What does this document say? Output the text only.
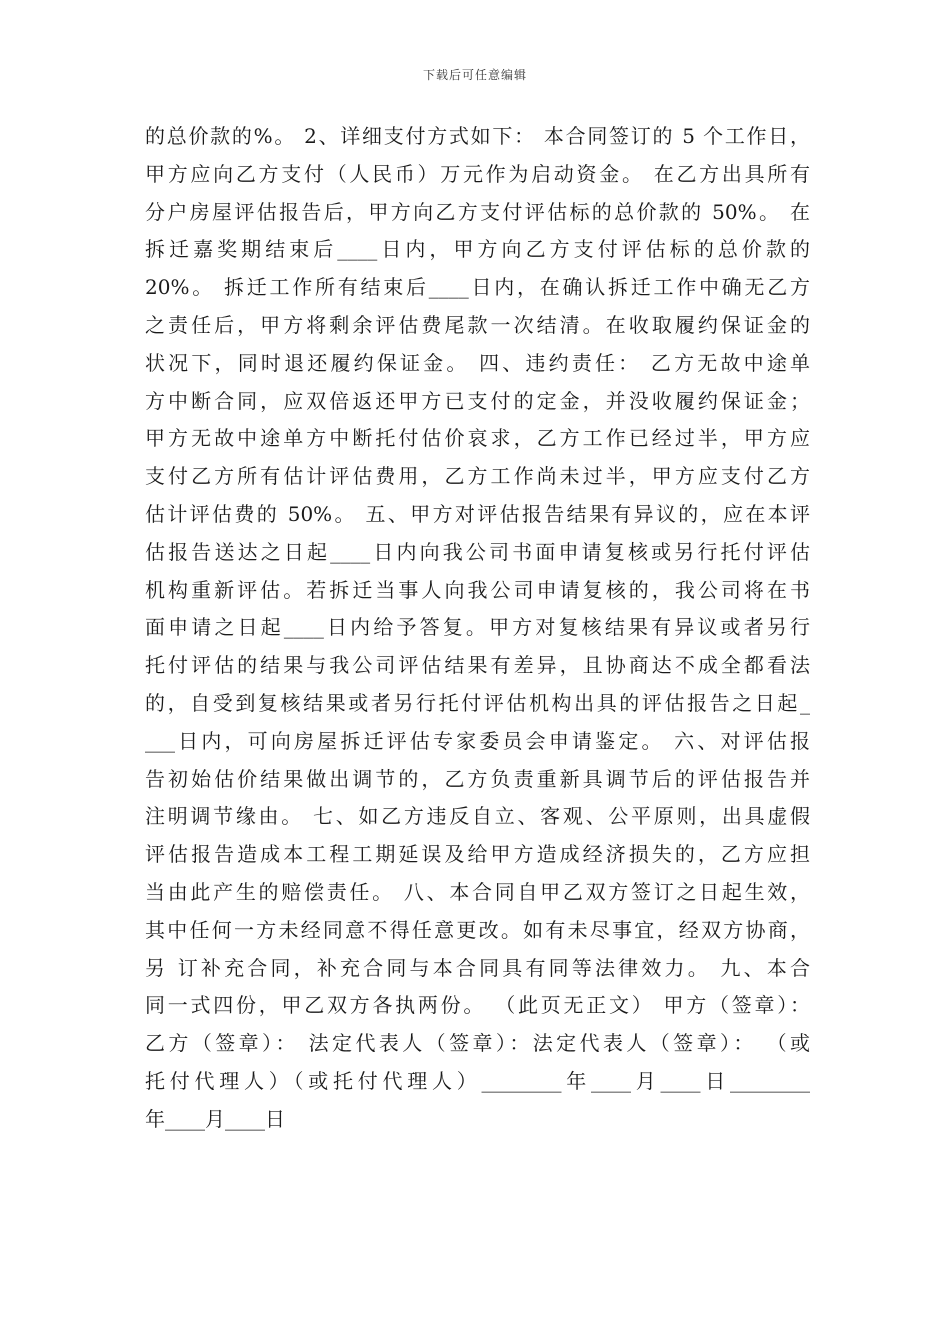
下载后可任意编辑
的总价款的%。 2、详细支付方式如下： 本合同签订的 5 个工作日，
甲方应向乙方支付（人民币）万元作为启动资金。 在乙方出具所有
分户房屋评估报告后，甲方向乙方支付评估标的总价款的 50%。 在
拆迁嘉奖期结束后____日内，甲方向乙方支付评估标的总价款的
20%。 拆迁工作所有结束后____日内，在确认拆迁工作中确无乙方
之责任后，甲方将剩余评估费尾款一次结清。在收取履约保证金的
状况下，同时退还履约保证金。 四、违约责任： 乙方无故中途单
方中断合同，应双倍返还甲方已支付的定金，并没收履约保证金；
甲方无故中途单方中断托付估价哀求，乙方工作已经过半，甲方应
支付乙方所有估计评估费用，乙方工作尚未过半，甲方应支付乙方
估计评估费的 50%。 五、甲方对评估报告结果有异议的，应在本评
估报告送达之日起____日内向我公司书面申请复核或另行托付评估
机构重新评估。若拆迁当事人向我公司申请复核的，我公司将在书
面申请之日起____日内给予答复。甲方对复核结果有异议或者另行
托付评估的结果与我公司评估结果有差异，且协商达不成全都看法
的，自受到复核结果或者另行托付评估机构出具的评估报告之日起_
___日内，可向房屋拆迁评估专家委员会申请鉴定。 六、对评估报
告初始估价结果做出调节的，乙方负责重新具调节后的评估报告并
注明调节缘由。 七、如乙方违反自立、客观、公平原则，出具虚假
评估报告造成本工程工期延误及给甲方造成经济损失的，乙方应担
当由此产生的赔偿责任。 八、本合同自甲乙双方签订之日起生效，
其中任何一方未经同意不得任意更改。如有未尽事宜，经双方协商，
另 订补充合同，补充合同与本合同具有同等法律效力。 九、本合
同一式四份，甲乙双方各执两份。 （此页无正文） 甲方（签章）：
乙方（签章）： 法定代表人（签章）：法定代表人（签章）： （或
托付代理人）（或托付代理人）________年____月____日________
年____月____日
